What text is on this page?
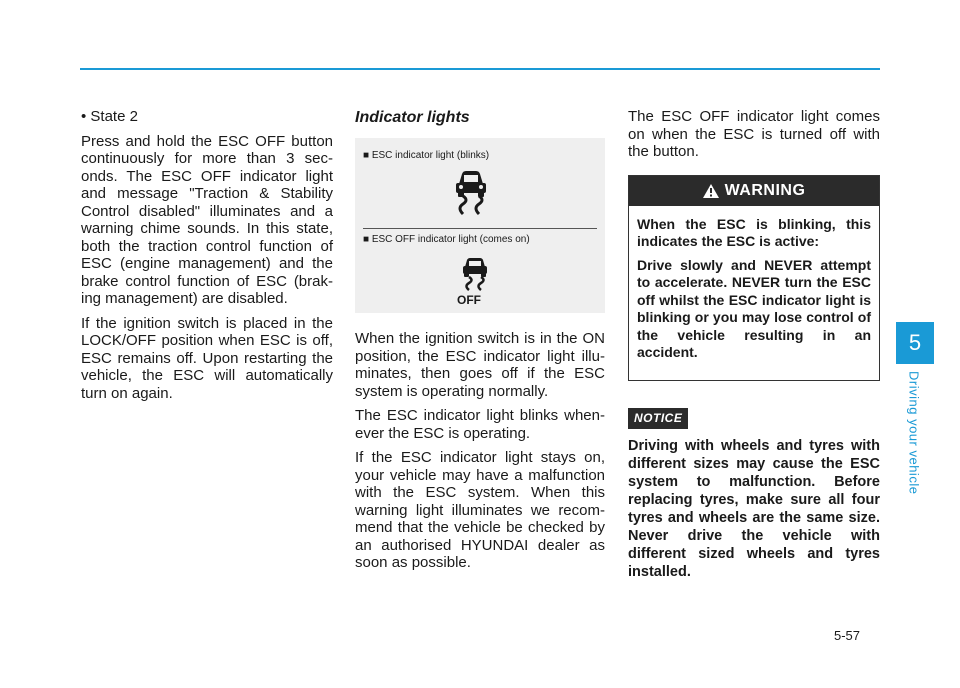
• State 2

Press and hold the ESC OFF button continuously for more than 3 seconds. The ESC OFF indicator light and message "Traction & Stability Control disabled" illuminates and a warning chime sounds. In this state, both the traction control function of ESC (engine management) and the brake control function of ESC (braking management) are disabled.

If the ignition switch is placed in the LOCK/OFF position when ESC is off, ESC remains off. Upon restarting the vehicle, the ESC will automatically turn on again.

Indicator lights
■ ESC indicator light (blinks)
■ ESC OFF indicator light (comes on)
OFF

When the ignition switch is in the ON position, the ESC indicator light illuminates, then goes off if the ESC system is operating normally.

The ESC indicator light blinks whenever the ESC is operating.

If the ESC indicator light stays on, your vehicle may have a malfunction with the ESC system. When this warning light illuminates we recommend that the vehicle be checked by an authorised HYUNDAI dealer as soon as possible.

The ESC OFF indicator light comes on when the ESC is turned off with the button.

WARNING

When the ESC is blinking, this indicates the ESC is active:

Drive slowly and NEVER attempt to accelerate. NEVER turn the ESC off whilst the ESC indicator light is blinking or you may lose control of the vehicle resulting in an accident.

NOTICE

Driving with wheels and tyres with different sizes may cause the ESC system to malfunction. Before replacing tyres, make sure all four tyres and wheels are the same size. Never drive the vehicle with different sized wheels and tyres installed.

5
Driving your vehicle
5-57
